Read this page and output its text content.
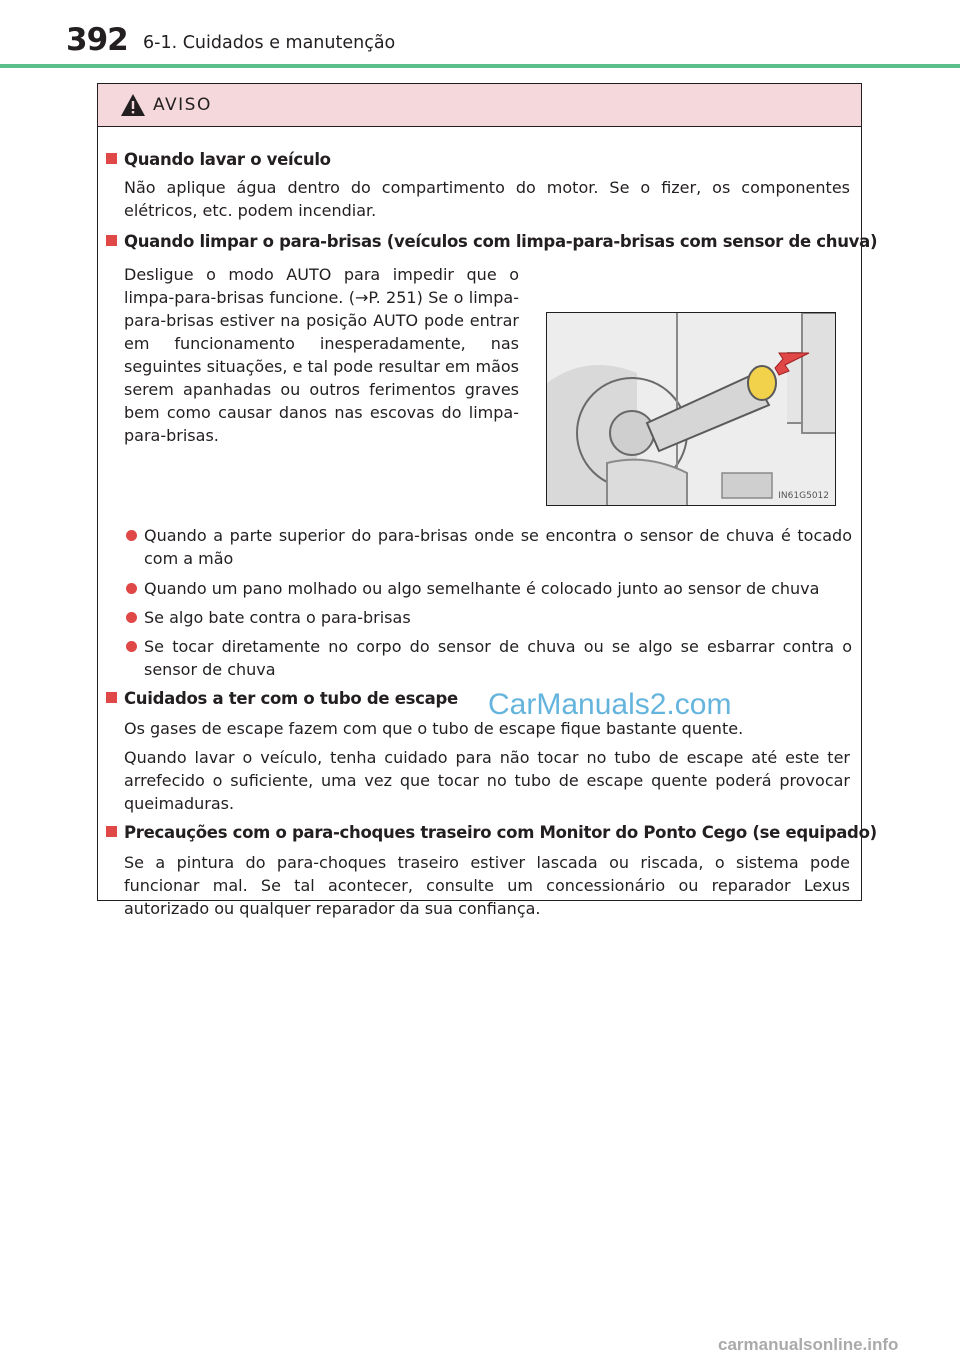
392 6-1. Cuidados e manutenção
AVISO
Quando lavar o veículo
Não aplique água dentro do compartimento do motor. Se o fizer, os componentes elétricos, etc. podem incendiar.
Quando limpar o para-brisas (veículos com limpa-para-brisas com sensor de chuva)
Desligue o modo AUTO para impedir que o limpa-para-brisas funcione. (→P. 251) Se o limpa-para-brisas estiver na posição AUTO pode entrar em funcionamento inesperadamente, nas seguintes situações, e tal pode resultar em mãos serem apanhadas ou outros ferimentos graves bem como causar danos nas escovas do limpa-para-brisas.
IN61G5012
Quando a parte superior do para-brisas onde se encontra o sensor de chuva é tocado com a mão
Quando um pano molhado ou algo semelhante é colocado junto ao sensor de chuva
Se algo bate contra o para-brisas
Se tocar diretamente no corpo do sensor de chuva ou se algo se esbarrar contra o sensor de chuva
Cuidados a ter com o tubo de escape
Os gases de escape fazem com que o tubo de escape fique bastante quente.
Quando lavar o veículo, tenha cuidado para não tocar no tubo de escape até este ter arrefecido o suficiente, uma vez que tocar no tubo de escape quente poderá provocar queimaduras.
Precauções com o para-choques traseiro com Monitor do Ponto Cego (se equipado)
Se a pintura do para-choques traseiro estiver lascada ou riscada, o sistema pode funcionar mal. Se tal acontecer, consulte um concessionário ou reparador Lexus autorizado ou qualquer reparador da sua confiança.
CarManuals2.com
carmanualsonline.info
